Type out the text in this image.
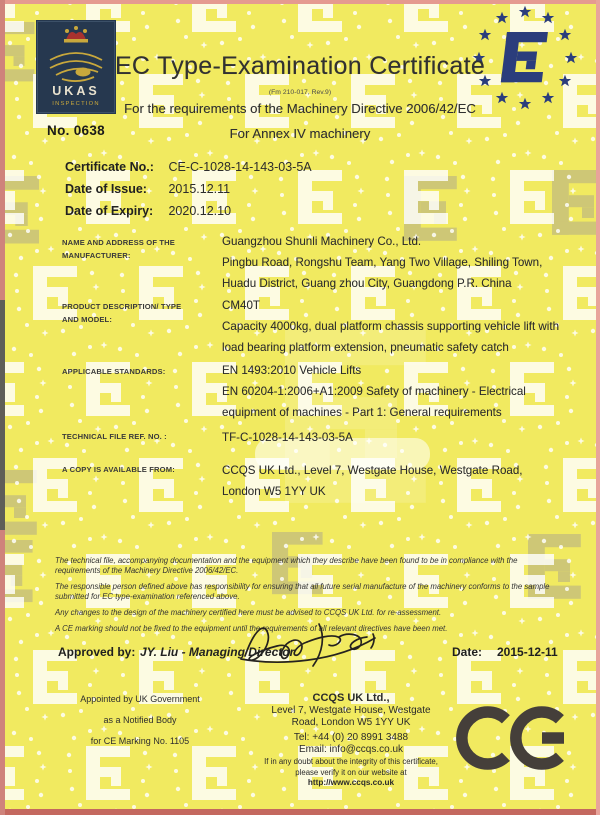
UKAS
INSPECTION
No. 0638
EC Type-Examination Certificate
(Fm 210-017, Rev.9)
For the requirements of the Machinery Directive 2006/42/EC
For Annex IV machinery
Certificate No.: CE-C-1028-14-143-03-5A
Date of Issue: 2015.12.11
Date of Expiry: 2020.12.10
NAME AND ADDRESS OF THE
MANUFACTURER:
Guangzhou Shunli Machinery Co., Ltd.
Pingbu Road, Rongshu Team, Yang Two Village, Shiling Town,
Huadu District, Guang zhou City, Guangdong P.R. China
PRODUCT DESCRIPTION/ TYPE
AND MODEL:
CM40T
Capacity 4000kg, dual platform chassis supporting vehicle lift with
load bearing platform extension, pneumatic safety catch
APPLICABLE STANDARDS:	EN 1493:2010 Vehicle Lifts
EN 60204-1:2006+A1:2009 Safety of machinery - Electrical
equipment of machines - Part 1: General requirements
TECHNICAL FILE REF. NO. :	TF-C-1028-14-143-03-5A
A COPY IS AVAILABLE FROM:	CCQS UK Ltd., Level 7, Westgate House, Westgate Road,
London W5 1YY UK

The technical file, accompanying documentation and the equipment which they describe have been found to be in compliance with the requirements of the Machinery Directive 2006/42/EC.

The responsible person defined above has responsibility for ensuring that all future serial manufacture of the machinery conforms to the sample submitted for EC type-examination referenced above.

Any changes to the design of the machinery certified here must be advised to CCQS UK Ltd. for re-assessment.

A CE marking should not be fixed to the equipment until the requirements of all relevant directives have been met.

Approved by: JY. Liu - Managing Director	Date: 2015-12-11
Appointed by UK Government
as a Notified Body
for CE Marking No. 1105
CCQS UK Ltd.,
Level 7, Westgate House, Westgate
Road, London W5 1YY UK
Tel: +44 (0) 20 8991 3488
Email: info@ccqs.co.uk
If in any doubt about the integrity of this certificate,
please verify it on our website at
http://www.ccqs.co.uk
